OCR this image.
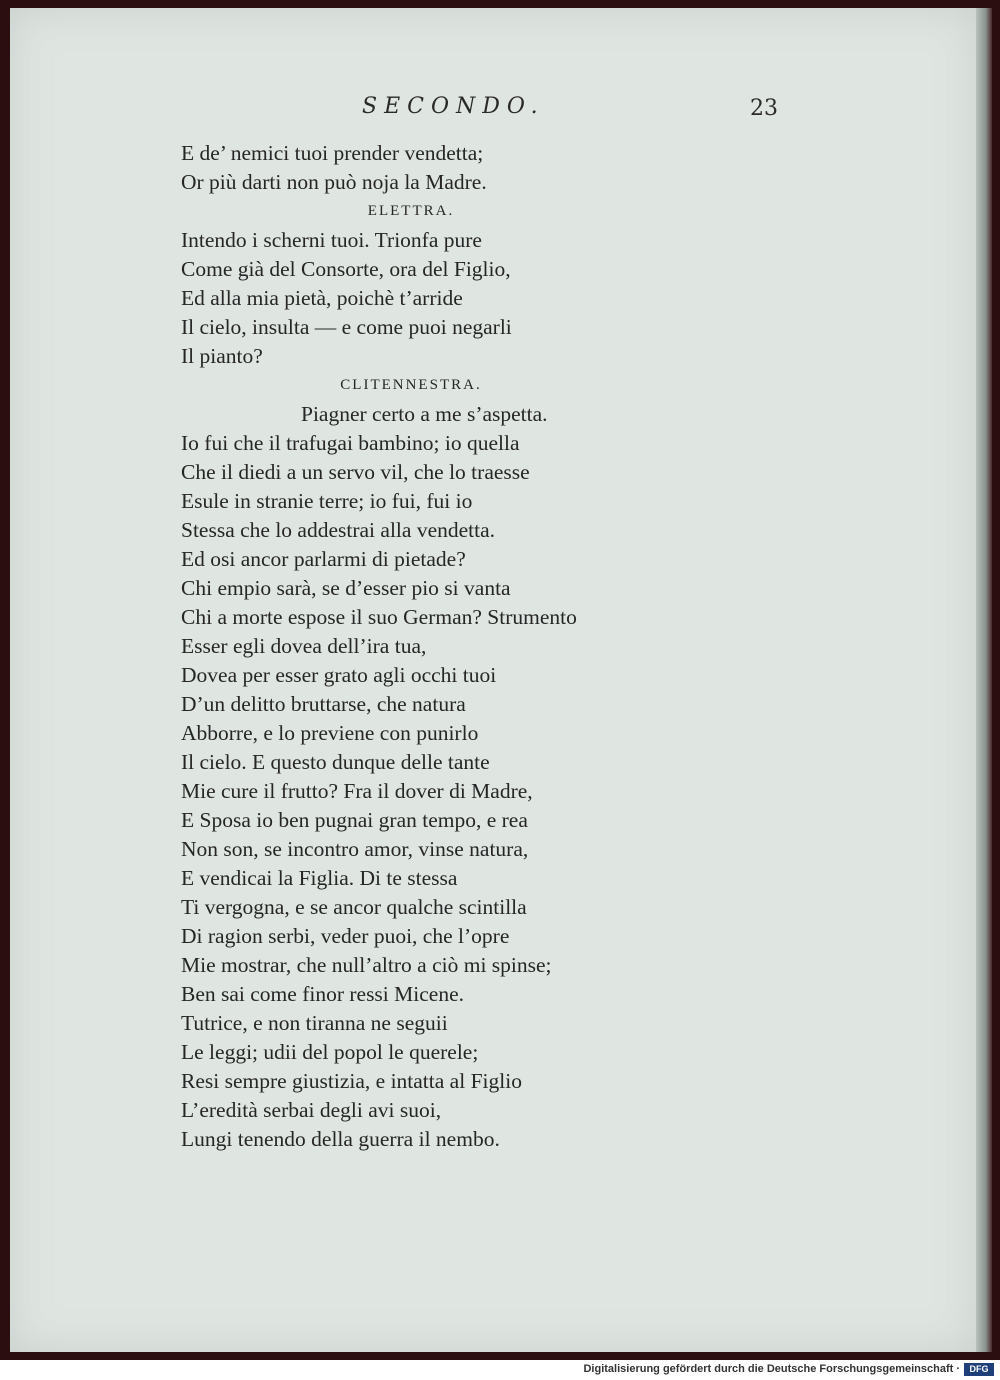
SECONDO.	23
E de’ nemici tuoi prender vendetta;
Or più darti non può noja la Madre.
ELETTRA.
Intendo i scherni tuoi. Trionfa pure
Come già del Consorte, ora del Figlio,
Ed alla mia pietà, poichè t’arride
Il cielo, insulta — e come puoi negarli
Il pianto?
CLITENNESTRA.
Piagner certo a me s’aspetta.
Io fui che il trafugai bambino; io quella
Che il diedi a un servo vil, che lo traesse
Esule in stranie terre; io fui, fui io
Stessa che lo addestrai alla vendetta.
Ed osi ancor parlarmi di pietade?
Chi empio sarà, se d’esser pio si vanta
Chi a morte espose il suo German? Strumento
Esser egli dovea dell’ira tua,
Dovea per esser grato agli occhi tuoi
D’un delitto bruttarse, che natura
Abborre, e lo previene con punirlo
Il cielo. E questo dunque delle tante
Mie cure il frutto? Fra il dover di Madre,
E Sposa io ben pugnai gran tempo, e rea
Non son, se incontro amor, vinse natura,
E vendicai la Figlia. Di te stessa
Ti vergogna, e se ancor qualche scintilla
Di ragion serbi, veder puoi, che l’opre
Mie mostrar, che null’altro a ciò mi spinse;
Ben sai come finor ressi Micene.
Tutrice, e non tiranna ne seguii
Le leggi; udii del popol le querele;
Resi sempre giustizia, e intatta al Figlio
L’eredità serbai degli avi suoi,
Lungi tenendo della guerra il nembo.
Digitalisierung gefördert durch die Deutsche Forschungsgemeinschaft ·	DFG
